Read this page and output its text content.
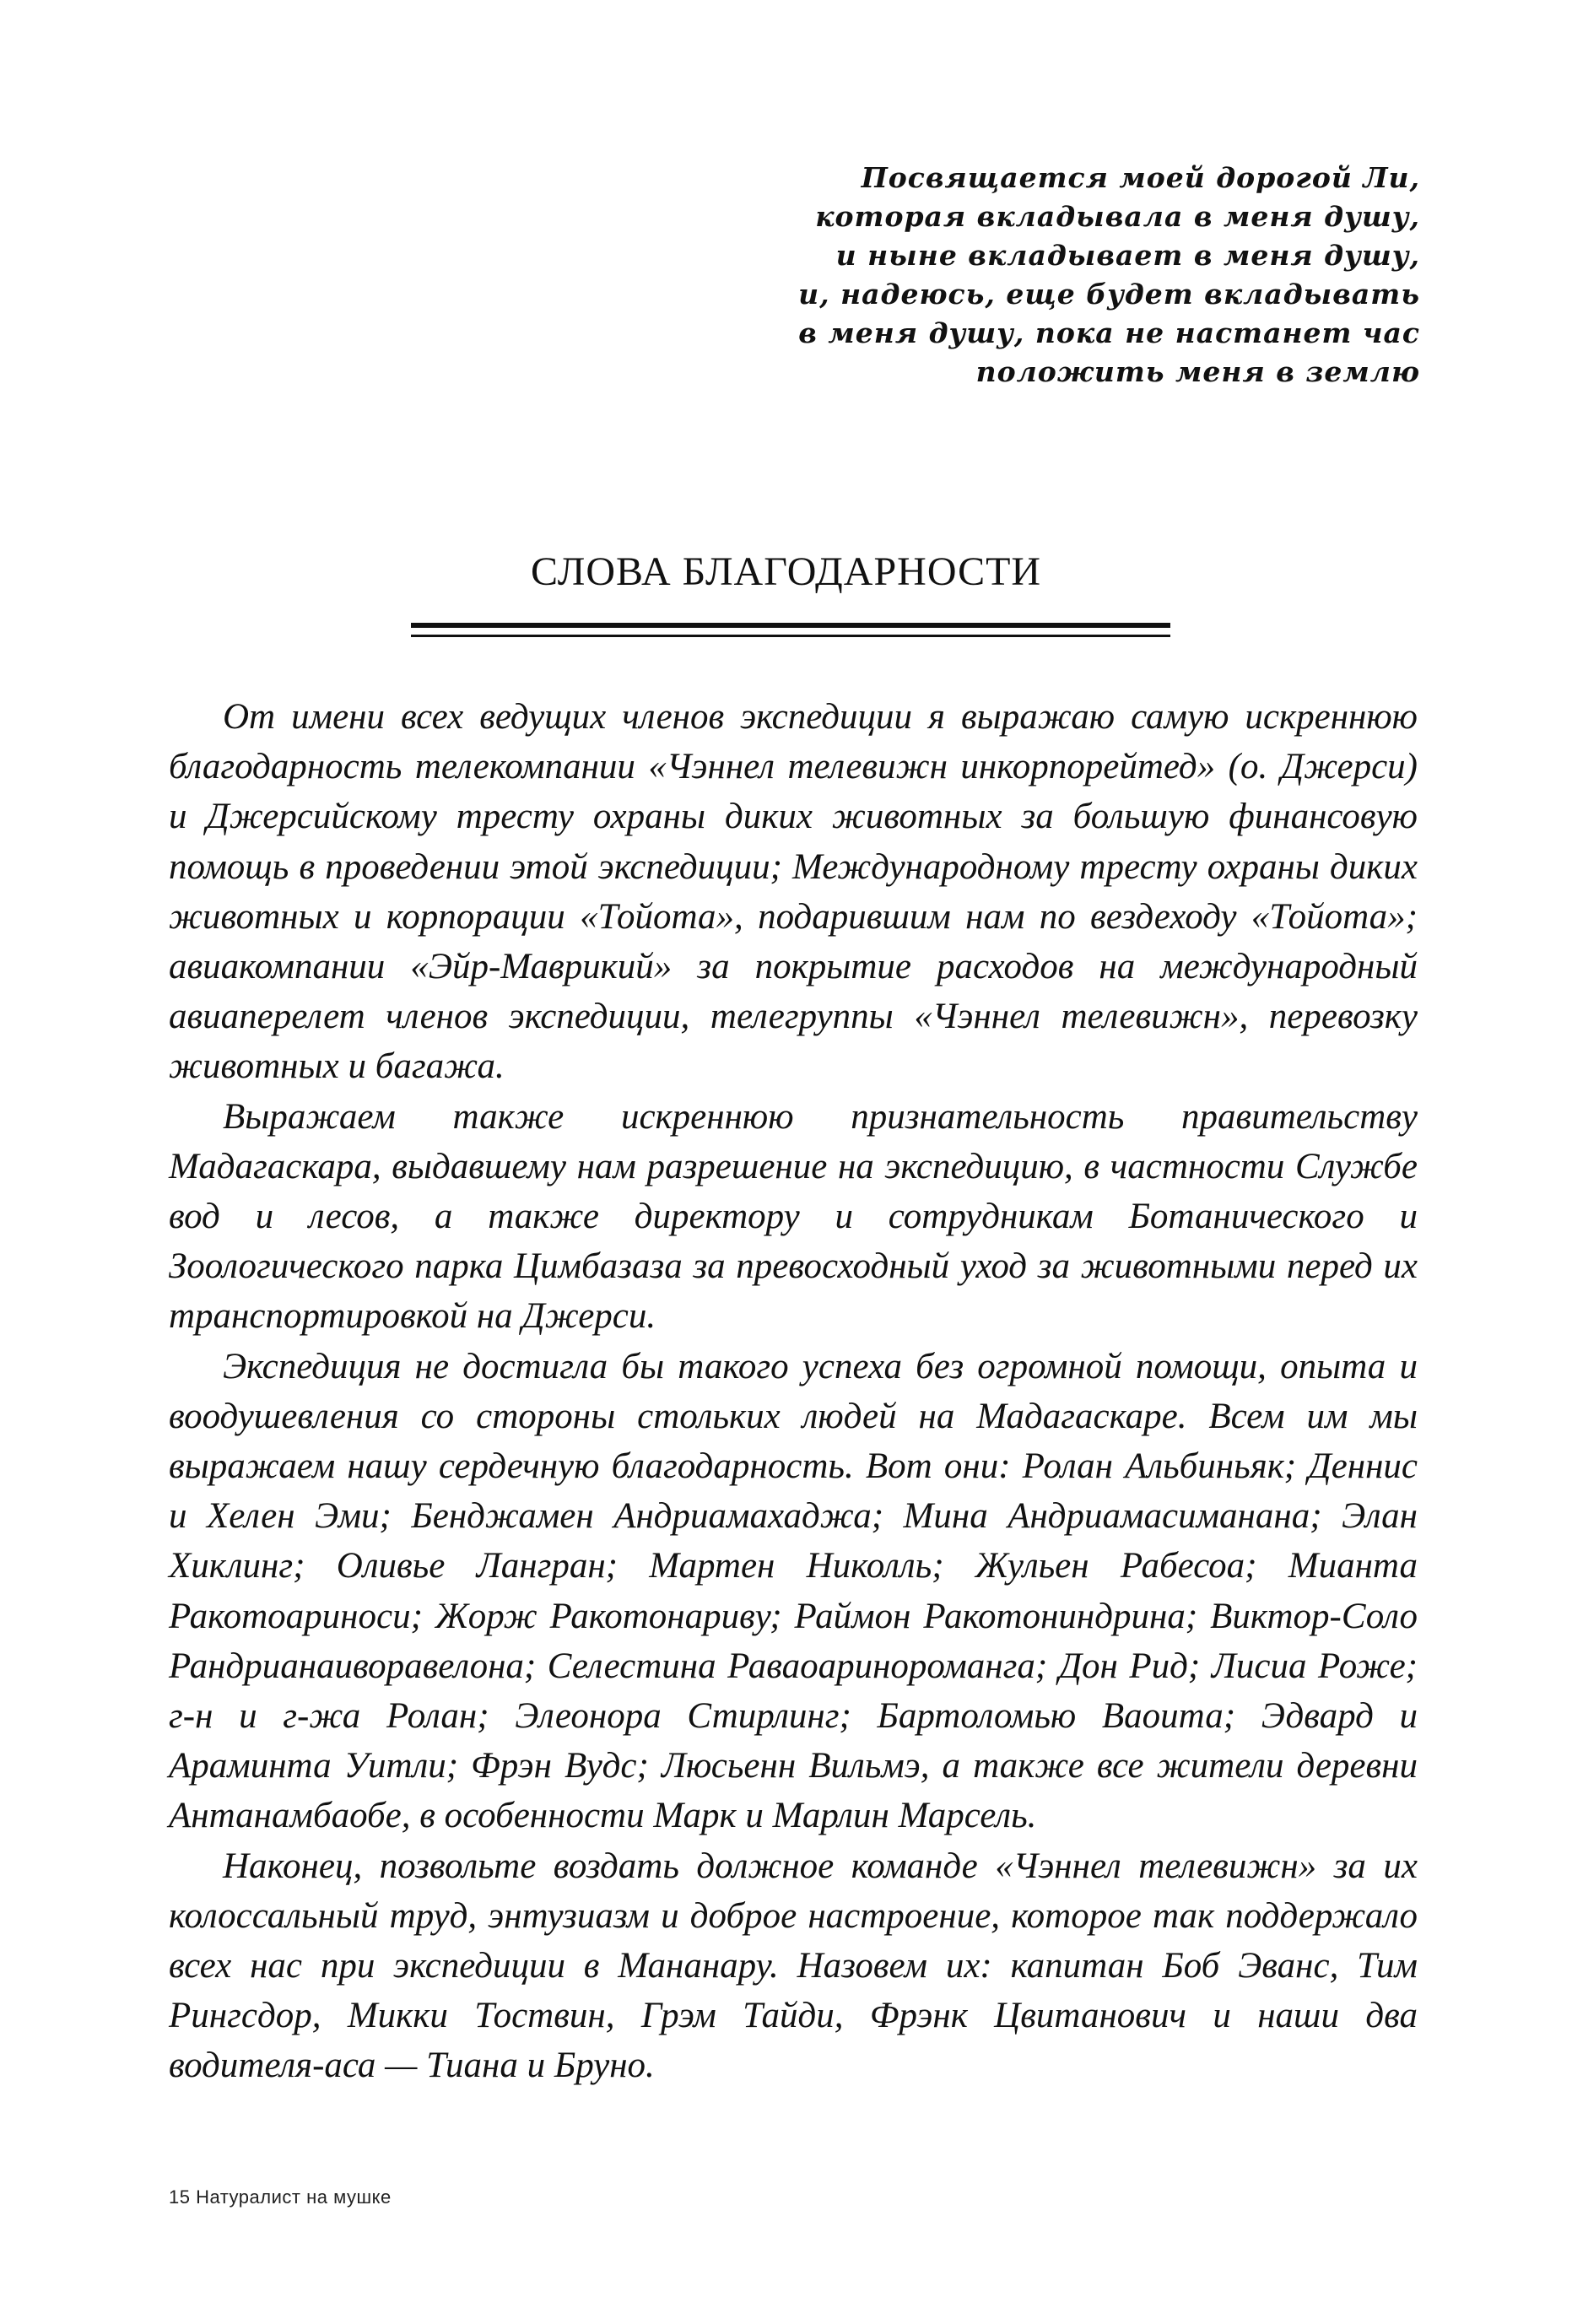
Посвящается моей дорогой Ли,
которая вкладывала в меня душу,
и ныне вкладывает в меня душу,
и, надеюсь, еще будет вкладывать
в меня душу, пока не настанет час
положить меня в землю
СЛОВА БЛАГОДАРНОСТИ

От имени всех ведущих членов экспедиции я выражаю самую искреннюю благодарность телекомпании «Чэннел телевижн инкорпорейтед» (о. Джерси) и Джерсийскому тресту охраны диких животных за большую финансовую помощь в проведении этой экспедиции; Международному тресту охраны диких животных и корпорации «Тойота», подарившим нам по вездеходу «Тойота»; авиакомпании «Эйр-Маврикий» за покрытие расходов на международный авиаперелет членов экспедиции, телегруппы «Чэннел телевижн», перевозку животных и багажа.

Выражаем также искреннюю признательность правительству Мадагаскара, выдавшему нам разрешение на экспедицию, в частности Службе вод и лесов, а также директору и сотрудникам Ботанического и Зоологического парка Цимбазаза за превосходный уход за животными перед их транспортировкой на Джерси.

Экспедиция не достигла бы такого успеха без огромной помощи, опыта и воодушевления со стороны стольких людей на Мадагаскаре. Всем им мы выражаем нашу сердечную благодарность. Вот они: Ролан Альбиньяк; Деннис и Хелен Эми; Бенджамен Андриамахаджа; Мина Андриамасиманана; Элан Хиклинг; Оливье Лангран; Мартен Николль; Жульен Рабесоа; Мианта Ракотоариноси; Жорж Ракотонариву; Раймон Ракотониндрина; Виктор-Соло Рандрианаиворавелона; Селестина Раваоаринороманга; Дон Рид; Лисиа Роже; г-н и г-жа Ролан; Элеонора Стирлинг; Бартоломью Ваоита; Эдвард и Араминта Уитли; Фрэн Вудс; Люсьенн Вильмэ, а также все жители деревни Антанамбаобе, в особенности Марк и Марлин Марсель.

Наконец, позвольте воздать должное команде «Чэннел телевижн» за их колоссальный труд, энтузиазм и доброе настроение, которое так поддержало всех нас при экспедиции в Мананару. Назовем их: капитан Боб Эванс, Тим Рингсдор, Микки Тоствин, Грэм Тайди, Фрэнк Цвитанович и наши два водителя-аса — Тиана и Бруно.

15 Натуралист на мушке
